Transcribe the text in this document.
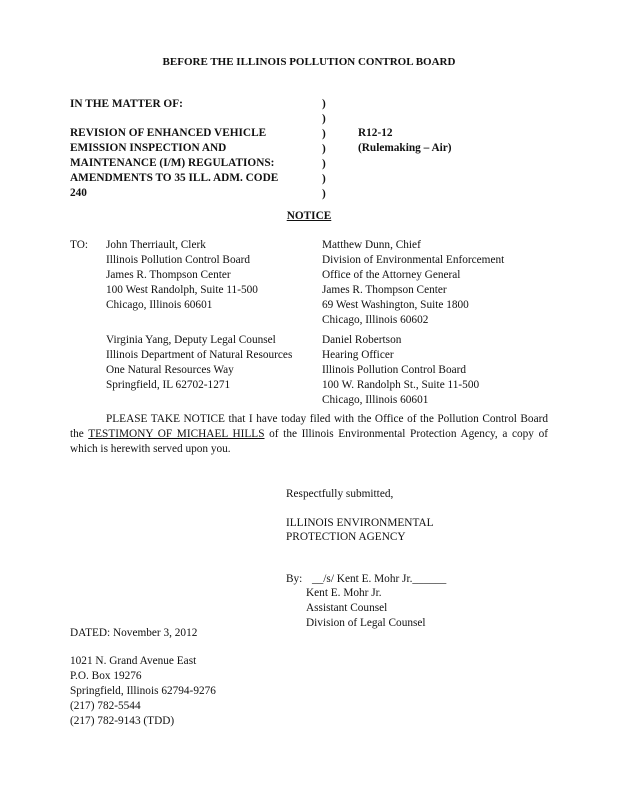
BEFORE THE ILLINOIS POLLUTION CONTROL BOARD
IN THE MATTER OF:
REVISION OF ENHANCED VEHICLE
EMISSION INSPECTION AND
MAINTENANCE (I/M) REGULATIONS:
AMENDMENTS TO 35 ILL. ADM. CODE
240
)
)
)
)
)
)
)
R12-12
(Rulemaking – Air)
NOTICE
TO: John Therriault, Clerk
Illinois Pollution Control Board
James R. Thompson Center
100 West Randolph, Suite 11-500
Chicago, Illinois 60601
Matthew Dunn, Chief
Division of Environmental Enforcement
Office of the Attorney General
James R. Thompson Center
69 West Washington, Suite 1800
Chicago, Illinois 60602
Virginia Yang, Deputy Legal Counsel
Illinois Department of Natural Resources
One Natural Resources Way
Springfield, IL 62702-1271
Daniel Robertson
Hearing Officer
Illinois Pollution Control Board
100 W. Randolph St., Suite 11-500
Chicago, Illinois 60601
PLEASE TAKE NOTICE that I have today filed with the Office of the Pollution Control Board the TESTIMONY OF MICHAEL HILLS of the Illinois Environmental Protection Agency, a copy of which is herewith served upon you.
Respectfully submitted,
ILLINOIS ENVIRONMENTAL
PROTECTION AGENCY
By: __/s/ Kent E. Mohr Jr.______
Kent E. Mohr Jr.
Assistant Counsel
Division of Legal Counsel
DATED: November 3, 2012
1021 N. Grand Avenue East
P.O. Box 19276
Springfield, Illinois 62794-9276
(217) 782-5544
(217) 782-9143 (TDD)
